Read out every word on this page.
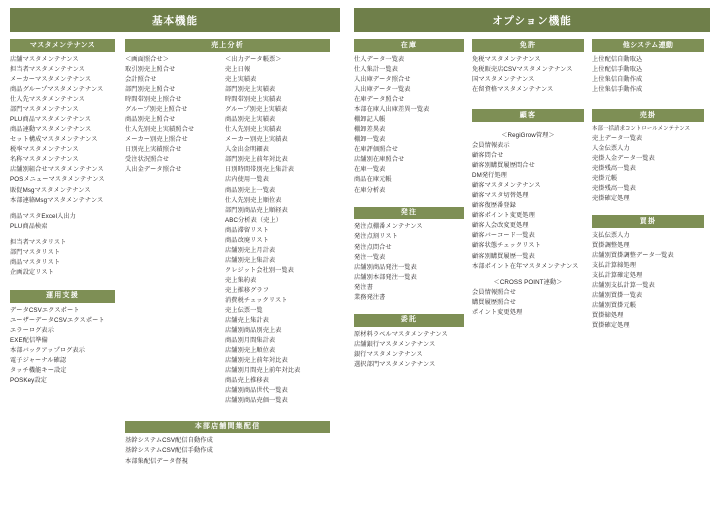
基本機能
マスタメンテナンス
店舗マスタメンテナンス
担当者マスタメンテナンス
メーカーマスタメンテナンス
商品グループマスタメンテナンス
仕入先マスタメンテナンス
部門マスタメンテナンス
PLU商品マスタメンテナンス
商品連動マスタメンテナンス
セット構成マスタメンテナンス
税率マスタメンテナンス
名称マスタメンテナンス
店舗別組合せマスタメンテナンス
POSメニューマスタメンテナンス
販促Msgマスタメンテナンス
本部連絡Msgマスタメンテナンス
商品マスタExcel入出力
PLU商品検索
担当者マスタリスト
部門マスタリスト
商品マスタリスト
企画設定リスト
運用支援
データCSVエクスポート
ユーザーデータCSVエクスポート
エラーログ表示
EXE配信準備
本部バックアップログ表示
電子ジャーナル確認
タッチ機能キー設定
POSKey設定
売上分析
＜画面照合せ＞
取引別売上照合せ
会計照合せ
部門別売上照合せ
時間帯別売上照合せ
グループ別売上照合せ
商品別売上照合せ
仕入先別売上実績照合せ
メーカー別売上照合せ
日別売上実績照合せ
受注状況照合せ
入出金データ照合せ
＜出力データ帳票＞
売上日報
売上実績表
部門別売上実績表
時間帯別売上実績表
グループ別売上実績表
商品別売上実績表
仕入先別売上実績表
メーカー別売上実績表
入金出金明細表
部門別売上前年対比表
日別時間帯別売上集計表
店内使用一覧表
商品別売上一覧表
仕入先別売上順位表
部門別商品売上順経表
ABC分析表（売上）
商品滞留リスト
商品改廃リスト
店舗別売上月計表
店舗別売上集計表
クレジット会社別一覧表
売上集約表
売上推移グラフ
消費税チェックリスト
売上伝票一覧
店舗売上集計表
店舗別商品別売上表
商品別月間集計表
店舗別売上順位表
店舗別売上前年対比表
店舗別月間売上前年対比表
商品売上推移表
店舗別商品世代一覧表
店舗別商品売価一覧表
本部店舗間集配信
基幹システムCSV配信自動作成
基幹システムCSV配信手動作成
本部集配信データ督視
オプション機能
在庫
仕入データ一覧表
仕入集計一覧表
入出庫データ照合せ
入出庫データ一覧表
在庫データ照合せ
本部在庫入出庫差異一覧表
棚卸記入帳
棚卸差異表
棚卸一覧表
在庫評価照合せ
店舗別在庫照合せ
在庫一覧表
商品在庫元帳
在庫分析表
発注
発注点棚番メンテナンス
発注点割リスト
発注点問合せ
発注一覧表
店舗別商品発注一覧表
店舗別本部発注一覧表
発注書
業務発注書
委託
原材料ラベルマスタメンテナンス
店舗銀行マスタメンテナンス
銀行マスタメンテナンス
選択部門マスタメンテナンス
免許
免税マスタメンテナンス
免税販売店CSVマスタメンテナンス
国マスタメンテナンス
在留資格マスタメンテナンス
顧客
＜RegiGrow管理＞
会員情報表示
顧客問合せ
顧客別購買履歴問合せ
DM発行処理
顧客マスタメンテナンス
顧客マスタ切替処理
顧客復歴番登録
顧客ポイント変更処理
顧客入会改変更処理
顧客バーコード一覧表
顧客状態チェックリスト
顧客別購買履歴一覧表
本部ポイント在年マスタメンテナンス
＜CROSS POINT連動＞
会員情報照合せ
購買履歴照合せ
ポイント変更処理
他システム連動
上位配信自動取込
上位配信手動取込
上位集信自動作成
上位集信手動作成
売掛
本部一括請求コントロールメンテナンス
売上データ一覧表
入金伝票入力
売掛入金データ一覧表
売掛残高一覧表
売掛元帳
売掛残高一覧表
売掛確定処理
買掛
支払伝票入力
買掛調整処理
店舗別買掛調整データ一覧表
支払計算締処理
支払計算確定処理
店舗別支払計算一覧表
店舗別買掛一覧表
店舗別買掛元帳
買掛締処理
買掛確定処理
